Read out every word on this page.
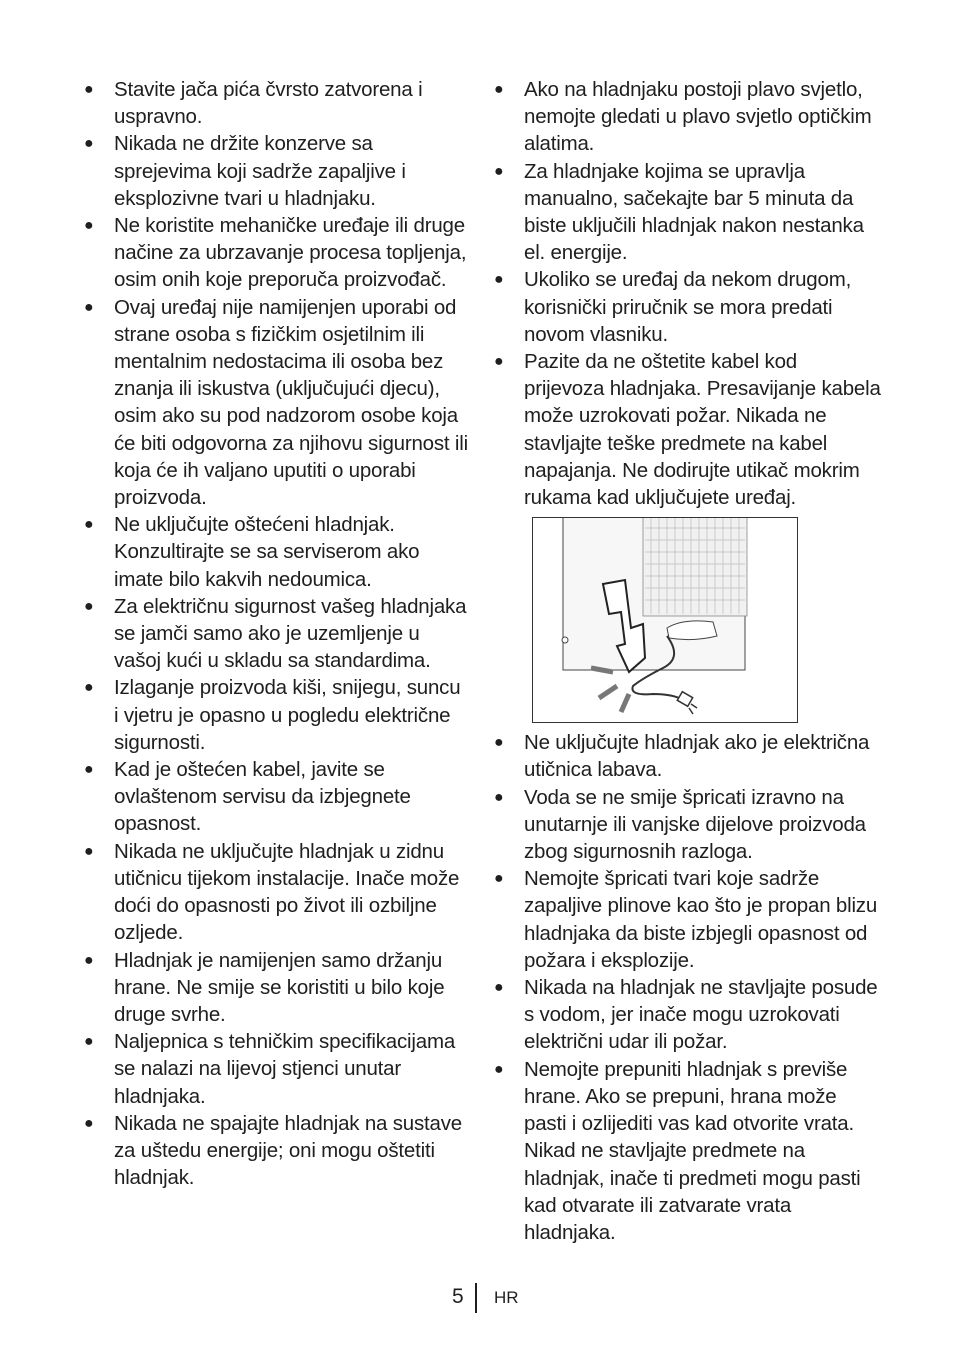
● Stavite jača pića čvrsto zatvorena i uspravno.
● Nikada ne držite konzerve sa sprejevima koji sadrže zapaljive i eksplozivne tvari u hladnjaku.
● Ne koristite mehaničke uređaje ili druge načine za ubrzavanje procesa topljenja, osim onih koje preporuča proizvođač.
● Ovaj uređaj nije namijenjen uporabi od strane osoba s fizičkim osjetilnim ili mentalnim nedostacima ili osoba bez znanja ili iskustva (uključujući djecu), osim ako su pod nadzorom osobe koja će biti odgovorna za njihovu sigurnost ili koja će ih valjano uputiti o uporabi proizvoda.
● Ne uključujte oštećeni hladnjak. Konzultirajte se sa serviserom ako imate bilo kakvih nedoumica.
● Za električnu sigurnost vašeg hladnjaka se jamči samo ako je uzemljenje u vašoj kući u skladu sa standardima.
● Izlaganje proizvoda kiši, snijegu, suncu i vjetru je opasno u pogledu električne sigurnosti.
● Kad je oštećen kabel, javite se ovlaštenom servisu da izbjegnete opasnost.
● Nikada ne uključujte hladnjak u zidnu utičnicu tijekom instalacije. Inače može doći do opasnosti po život ili ozbiljne ozljede.
● Hladnjak je namijenjen samo držanju hrane. Ne smije se koristiti u bilo koje druge svrhe.
● Naljepnica s tehničkim specifikacijama se nalazi na lijevoj stjenci unutar hladnjaka.
● Nikada ne spajajte hladnjak na sustave za uštedu energije; oni mogu oštetiti hladnjak.
● Ako na hladnjaku postoji plavo svjetlo, nemojte gledati u plavo svjetlo optičkim alatima.
● Za hladnjake kojima se upravlja manualno, sačekajte bar 5 minuta da biste uključili hladnjak nakon nestanka el. energije.
● Ukoliko se uređaj da nekom drugom, korisnički priručnik se mora predati novom vlasniku.
● Pazite da ne oštetite kabel kod prijevoza hladnjaka. Presavijanje kabela može uzrokovati požar. Nikada ne stavljajte teške predmete na kabel napajanja. Ne dodirujte utikač mokrim rukama kad uključujete uređaj.
● Ne uključujte hladnjak ako je električna utičnica labava.
● Voda se ne smije špricati izravno na unutarnje ili vanjske dijelove proizvoda zbog sigurnosnih razloga.
● Nemojte špricati tvari koje sadrže zapaljive plinove kao što je propan blizu hladnjaka da biste izbjegli opasnost od požara i eksplozije.
● Nikada na hladnjak ne stavljajte posude s vodom, jer inače mogu uzrokovati električni udar ili požar.
● Nemojte prepuniti hladnjak s previše hrane. Ako se prepuni, hrana može pasti i ozlijediti vas kad otvorite vrata. Nikad ne stavljajte predmete na hladnjak, inače ti predmeti mogu pasti kad otvarate ili zatvarate vrata hladnjaka.
5 HR
